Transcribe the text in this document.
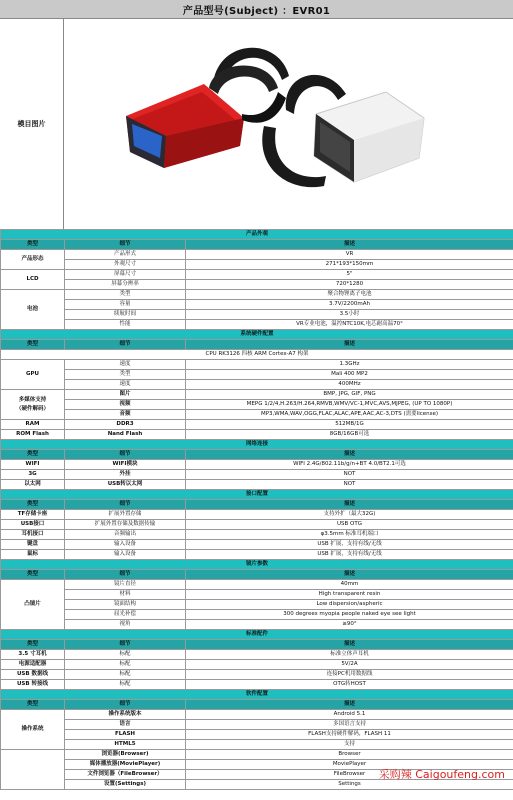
产品型号(Subject) ：EVR01
模目图片
产品外观		
类型	细节	描述
产品形态	产品形式	VR
	外观尺寸	271*193*150mm
LCD	屏幕尺寸	5"
	屏幕分辨率	720*1280
电池	类型	聚合物锂离子电池
	容量	3.7V/2200mAh
	续航时间	3.5小时
	性能	VR专业电池，温控NTC10K,电芯耐高温70°
系统硬件配置		
类型	细节	描述
CPU RK3126 四核 ARM Cortex-A7 构架		
GPU	速度	1.3GHz
	类型	Mali 400 MP2
	速度	400MHz

多媒体支持
（硬件解码）	图片	BMP, JPG, GIF, PNG
	视频	MEPG 1/2/4,H.263/H.264,RMVB,WMV/VC-1,MVC,AVS,MJPEG, (UP TO 1080P)
	音频	MP3,WMA,WAV,OGG,FLAC,ALAC,APE,AAC,AC-3,DTS (需要license)
RAM	DDR3	512MB/1G
ROM Flash	Nand Flash	8GB/16GB可选
网络连接		
类型	细节	描述
WIFI	WIFI模块	WIFI 2.4G/802.11b/g/n+BT 4.0/BT2.1可选
3G	外挂	NOT
以太网	USB转以太网	NOT
接口配置		
类型	细节	描述
TF存储卡座	扩展外置存储	支持外扩（最大32G)
USB接口	扩展外置存储及数据传输	USB OTG
耳机接口	音频输出	φ3.5mm 标准耳机端口
键盘	输入设备	USB 扩展，支持有线/无线
鼠标	输入设备	USB 扩展，支持有线/无线
镜片参数		
类型	细节	描述
凸镜片	镜片直径	40mm
	材料	High transparent resin
	镜面结构	Low dispersion/aspheric
	屈光补偿	300 degrees myopia people naked eye see light
	视角	≥90°
标准配件		
类型	细节	描述
3.5 寸耳机	标配	标准立体声耳机
电源适配器	标配	5V/2A
USB 数据线	标配	连接PC机用数据线
USB 转接线	标配	OTG转HOST
软件配置		
类型	细节	描述
操作系统	操作系统版本	Android 5.1
	语言	多国语言支持
	FLASH	FLASH支持硬件解码，FLASH 11
	HTML5	支持
	浏览器(Browser)	Browser
	媒体播放器(MoviePlayer)	MoviePlayer
	文件浏览器（FileBrowser）	FileBrowser
	设置(Settings)	Settings
采购辣 Caigoufeng.com
